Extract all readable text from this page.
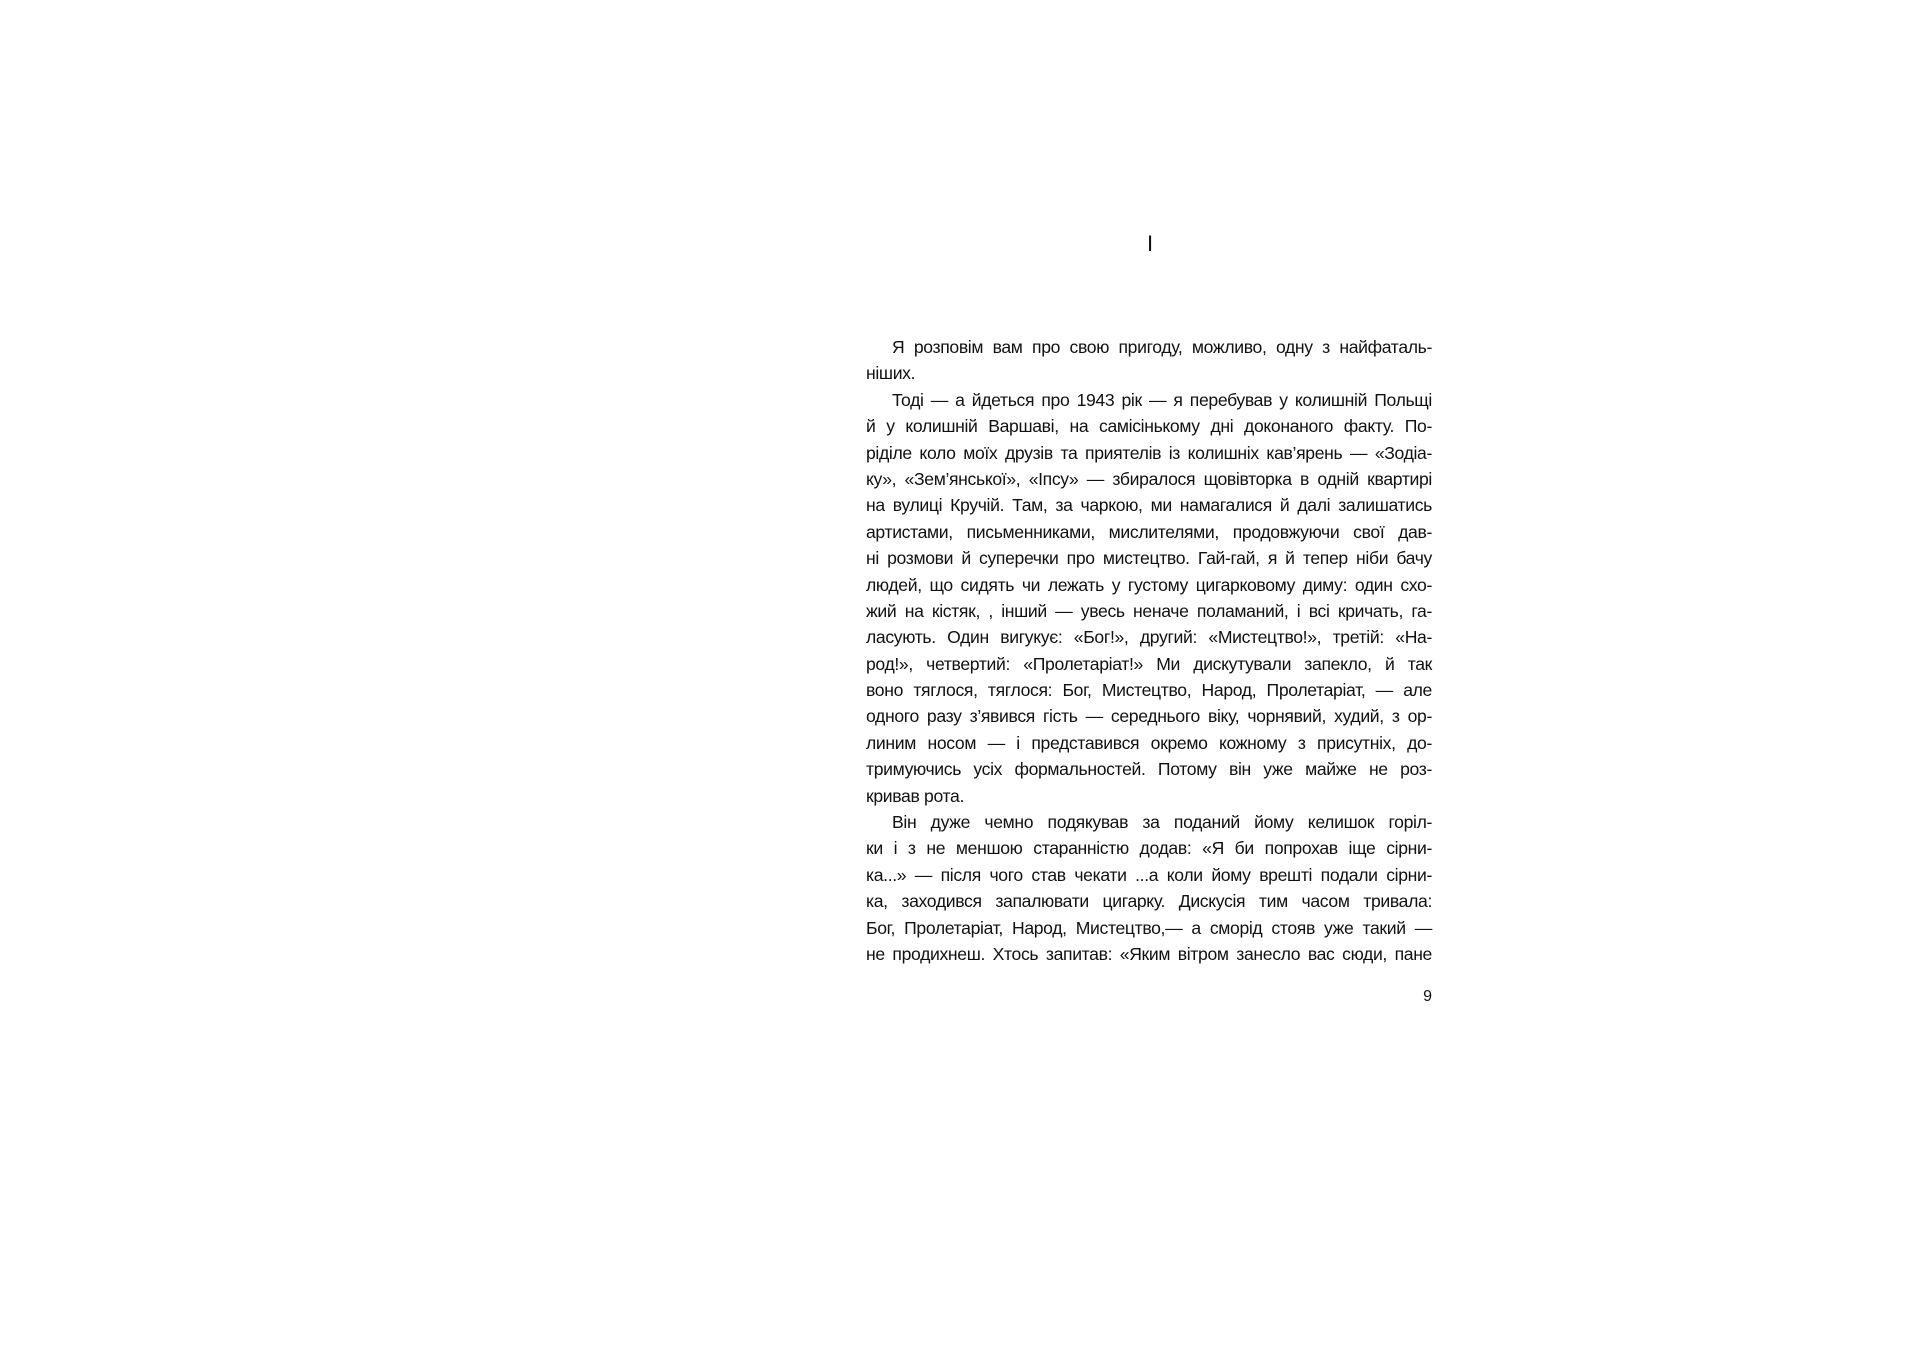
I
Я розповім вам про свою пригоду, можливо, одну з найфаталь-
ніших.
Тоді — а йдеться про 1943 рік — я перебував у колишній Польщі
й у колишній Варшаві, на самісінькому дні доконаного факту. По-
ріділе коло моїх друзів та приятелів із колишніх кав’ярень — «Зодіа-
ку», «Зем’янської», «Іпсу» — збиралося щовівторка в одній квартирі
на вулиці Кручій. Там, за чаркою, ми намагалися й далі залишатись
артистами, письменниками, мислителями, продовжуючи свої дав-
ні розмови й суперечки про мистецтво. Гай-гай, я й тепер ніби бачу
людей, що сидять чи лежать у густому цигарковому диму: один схо-
жий на кістяк, , інший — увесь неначе поламаний, і всі кричать, га-
ласують. Один вигукує: «Бог!», другий: «Мистецтво!», третій: «На-
род!», четвертий: «Пролетаріат!» Ми дискутували запекло, й так
воно тяглося, тяглося: Бог, Мистецтво, Народ, Пролетаріат, — але
одного разу з’явився гість — середнього віку, чорнявий, худий, з ор-
линим носом — і представився окремо кожному з присутніх, до-
тримуючись усіх формальностей. Потому він уже майже не роз-
кривав рота.
Він дуже чемно подякував за поданий йому келишок горіл-
ки і з не меншою старанністю додав: «Я би попрохав іще сірни-
ка...» — після чого став чекати ...а коли йому врешті подали сірни-
ка, заходився запалювати цигарку. Дискусія тим часом тривала:
Бог, Пролетаріат, Народ, Мистецтво,— а сморід стояв уже такий —
не продихнеш. Хтось запитав: «Яким вітром занесло вас сюди, пане
9
